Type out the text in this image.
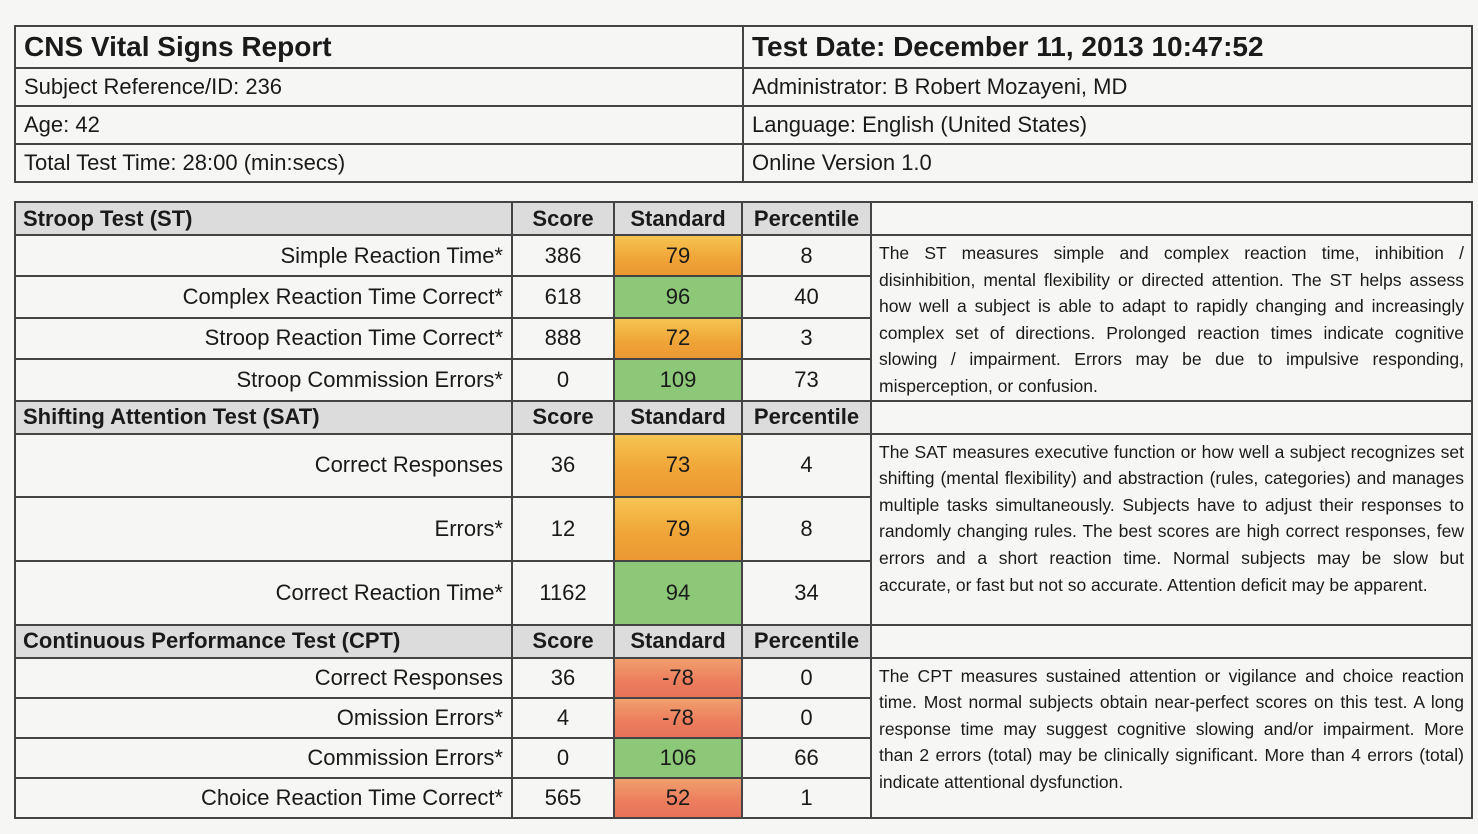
CNS Vital Signs Report	Test Date: December 11, 2013 10:47:52
Subject Reference/ID: 236	Administrator: B Robert Mozayeni, MD
Age: 42	Language: English (United States)
Total Test Time: 28:00 (min:secs)	Online Version 1.0
Stroop Test (ST)	Score	Standard	Percentile	
Simple Reaction Time*	386	79	8	The ST measures simple and complex reaction time, inhibition / disinhibition, mental flexibility or directed attention. The ST helps assess how well a subject is able to adapt to rapidly changing and increasingly complex set of directions. Prolonged reaction times indicate cognitive slowing / impairment. Errors may be due to impulsive responding, misperception, or confusion.
Complex Reaction Time Correct*	618	96	40	
Stroop Reaction Time Correct*	888	72	3	
Stroop Commission Errors*	0	109	73	
Shifting Attention Test (SAT)	Score	Standard	Percentile	
Correct Responses	36	73	4	The SAT measures executive function or how well a subject recognizes set shifting (mental flexibility) and abstraction (rules, categories) and manages multiple tasks simultaneously. Subjects have to adjust their responses to randomly changing rules. The best scores are high correct responses, few errors and a short reaction time. Normal subjects may be slow but accurate, or fast but not so accurate. Attention deficit may be apparent.
Errors*	12	79	8	
Correct Reaction Time*	1162	94	34	
Continuous Performance Test (CPT)	Score	Standard	Percentile	
Correct Responses	36	-78	0	The CPT measures sustained attention or vigilance and choice reaction time. Most normal subjects obtain near-perfect scores on this test. A long response time may suggest cognitive slowing and/or impairment. More than 2 errors (total) may be clinically significant. More than 4 errors (total) indicate attentional dysfunction.
Omission Errors*	4	-78	0	
Commission Errors*	0	106	66	
Choice Reaction Time Correct*	565	52	1	
